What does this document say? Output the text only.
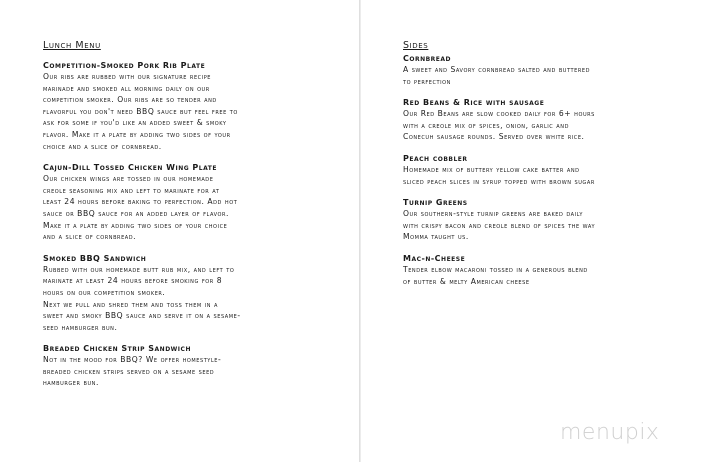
Lunch Menu
Competition-Smoked Pork Rib Plate

Our ribs are rubbed with our signature recipe
marinade and smoked all morning daily on our
competition smoker. Our ribs are so tender and
flavorful you don't need BBQ sauce but feel free to
ask for some if you'd like an added sweet & smoky
flavor. Make it a plate by adding two sides of your
choice and a slice of cornbread.

Cajun-Dill Tossed Chicken Wing Plate

Our chicken wings are tossed in our homemade
creole seasoning mix and left to marinate for at
least 24 hours before baking to perfection. Add hot
sauce or BBQ sauce for an added layer of flavor.
Make it a plate by adding two sides of your choice
and a slice of cornbread.

Smoked BBQ Sandwich

Rubbed with our homemade butt rub mix, and left to
marinate at least 24 hours before smoking for 8
hours on our competition smoker.
Next we pull and shred them and toss them in a
sweet and smoky BBQ sauce and serve it on a sesame-
seed hamburger bun.

Breaded Chicken Strip Sandwich

Not in the mood for BBQ? We offer homestyle-
breaded chicken strips served on a sesame seed
hamburger bun.

Sides
Cornbread

A sweet and Savory cornbread salted and buttered
to perfection

Red Beans & Rice with sausage

Our Red Beans are slow cooked daily for 6+ hours
with a creole mix of spices, onion, garlic and
Conecuh sausage rounds. Served over white rice.

Peach cobbler

Homemade mix of buttery yellow cake batter and
sliced peach slices in syrup topped with brown sugar

Turnip Greens

Our southern-style turnip greens are baked daily
with crispy bacon and creole blend of spices the way
Momma taught us.

Mac-n-Cheese

Tender elbow macaroni tossed in a generous blend
of butter & melty American cheese

menupix
